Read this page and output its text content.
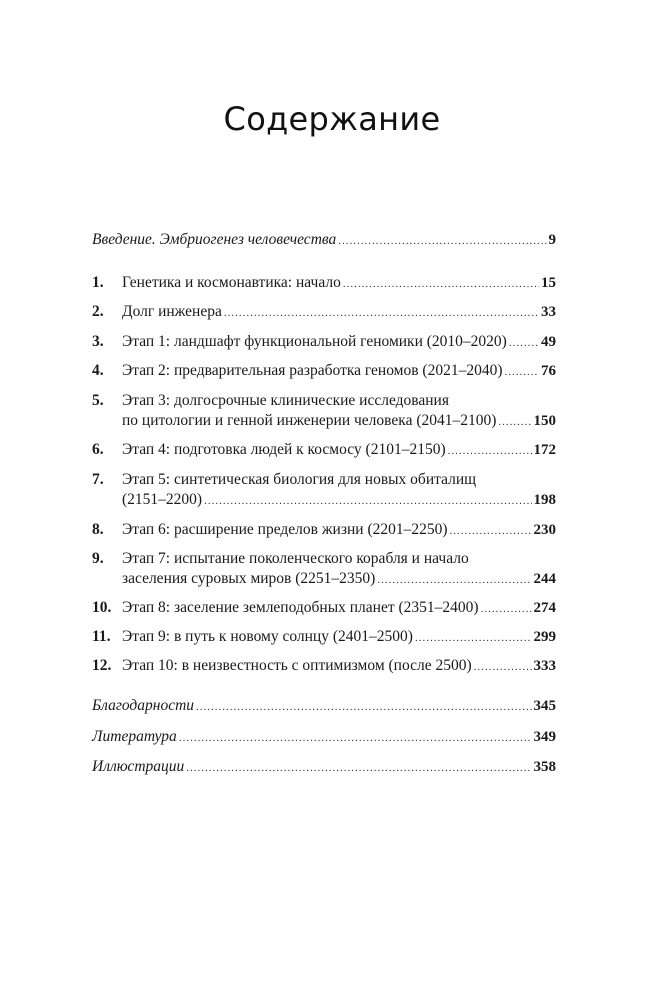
Содержание
Введение. Эмбриогенез человечества .....	9
1.	Генетика и космонавтика: начало .....	15
2.	Долг инженера .....	33
3.	Этап 1: ландшафт функциональной геномики (2010–2020) ..... 49
4.	Этап 2: предварительная разработка геномов (2021–2040) .....	76
5.	Этап 3: долгосрочные клинические исследования
по цитологии и генной инженерии человека (2041–2100) ..... 150
6.	Этап 4: подготовка людей к космосу (2101–2150) .....	172
7.	Этап 5: синтетическая биология для новых обиталищ
(2151–2200) .....	198
8.	Этап 6: расширение пределов жизни (2201–2250) .....	230
9.	Этап 7: испытание поколенческого корабля и начало
заселения суровых миров (2251–2350) .....	244
10. Этап 8: заселение землеподобных планет (2351–2400) .....	274
11. Этап 9: в путь к новому солнцу (2401–2500) .....	299
12. Этап 10: в неизвестность с оптимизмом (после 2500) .....	333
Благодарности .....	345
Литература .....	349
Иллюстрации .....	358
